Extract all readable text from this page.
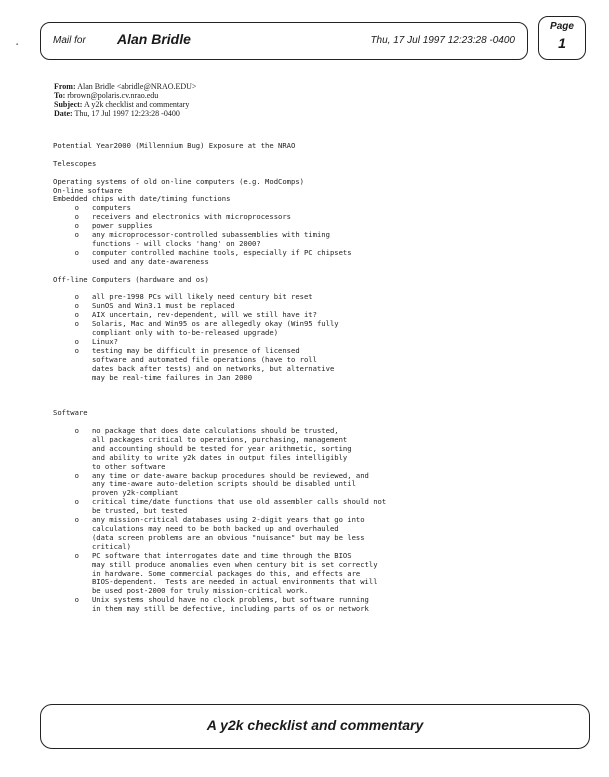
▪	Mail for Alan Bridle	Thu, 17 Jul 1997 12:23:28 -0400
Page
1
From: Alan Bridle <abridle@NRAO.EDU>
To: rbrown@polaris.cv.nrao.edu
Subject: A y2k checklist and commentary
Date: Thu, 17 Jul 1997 12:23:28 -0400
Potential Year2000 (Millennium Bug) Exposure at the NRAO

Telescopes

Operating systems of old on-line computers (e.g. ModComps)
On-line software
Embedded chips with date/timing functions
o   computers
o   receivers and electronics with microprocessors
o   power supplies
o   any microprocessor-controlled subassemblies with timing
functions - will clocks 'hang' on 2000?
o   computer controlled machine tools, especially if PC chipsets
used and any date-awareness

Off-line Computers (hardware and os)

o   all pre-1998 PCs will likely need century bit reset
o   SunOS and Win3.1 must be replaced
o   AIX uncertain, rev-dependent, will we still have it?
o   Solaris, Mac and Win95 os are allegedly okay (Win95 fully
compliant only with to-be-released upgrade)
o   Linux?
o   testing may be difficult in presence of licensed
software and automated file operations (have to roll
dates back after tests) and on networks, but alternative
may be real-time failures in Jan 2000

Software

o   no package that does date calculations should be trusted,
all packages critical to operations, purchasing, management
and accounting should be tested for year arithmetic, sorting
and ability to write y2k dates in output files intelligibly
to other software
o   any time or date-aware backup procedures should be reviewed, and
any time-aware auto-deletion scripts should be disabled until
proven y2k-compliant
o   critical time/date functions that use old assembler calls should not
be trusted, but tested
o   any mission-critical databases using 2-digit years that go into
calculations may need to be both backed up and overhauled
(data screen problems are an obvious "nuisance" but may be less
critical)
o   PC software that interrogates date and time through the BIOS
may still produce anomalies even when century bit is set correctly
in hardware. Some commercial packages do this, and effects are
BIOS-dependent.  Tests are needed in actual environments that will
be used post-2000 for truly mission-critical work.
o   Unix systems should have no clock problems, but software running
in them may still be defective, including parts of os or network
A y2k checklist and commentary
